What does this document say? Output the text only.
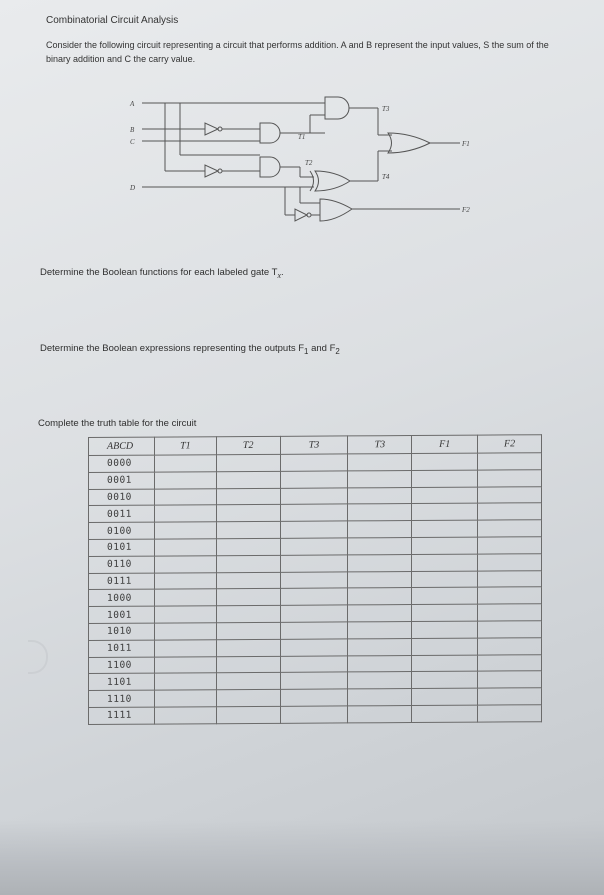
Combinatorial Circuit Analysis
Consider the following circuit representing a circuit that performs addition. A and B represent the input values, S the sum of the binary addition and C the carry value.
A
B
C
D
T1
T2
T3
T4
F1
F2
Determine the Boolean functions for each labeled gate $T_x$.
Determine the Boolean expressions representing the outputs $F_1$ and $F_2$
Complete the truth table for the circuit
ABCD	T1	T2	T3	T3	F1	F2
0000						
0001						
0010						
0011						
0100						
0101						
0110						
0111						
1000						
1001						
1010						
1011						
1100						
1101						
1110						
1111						
